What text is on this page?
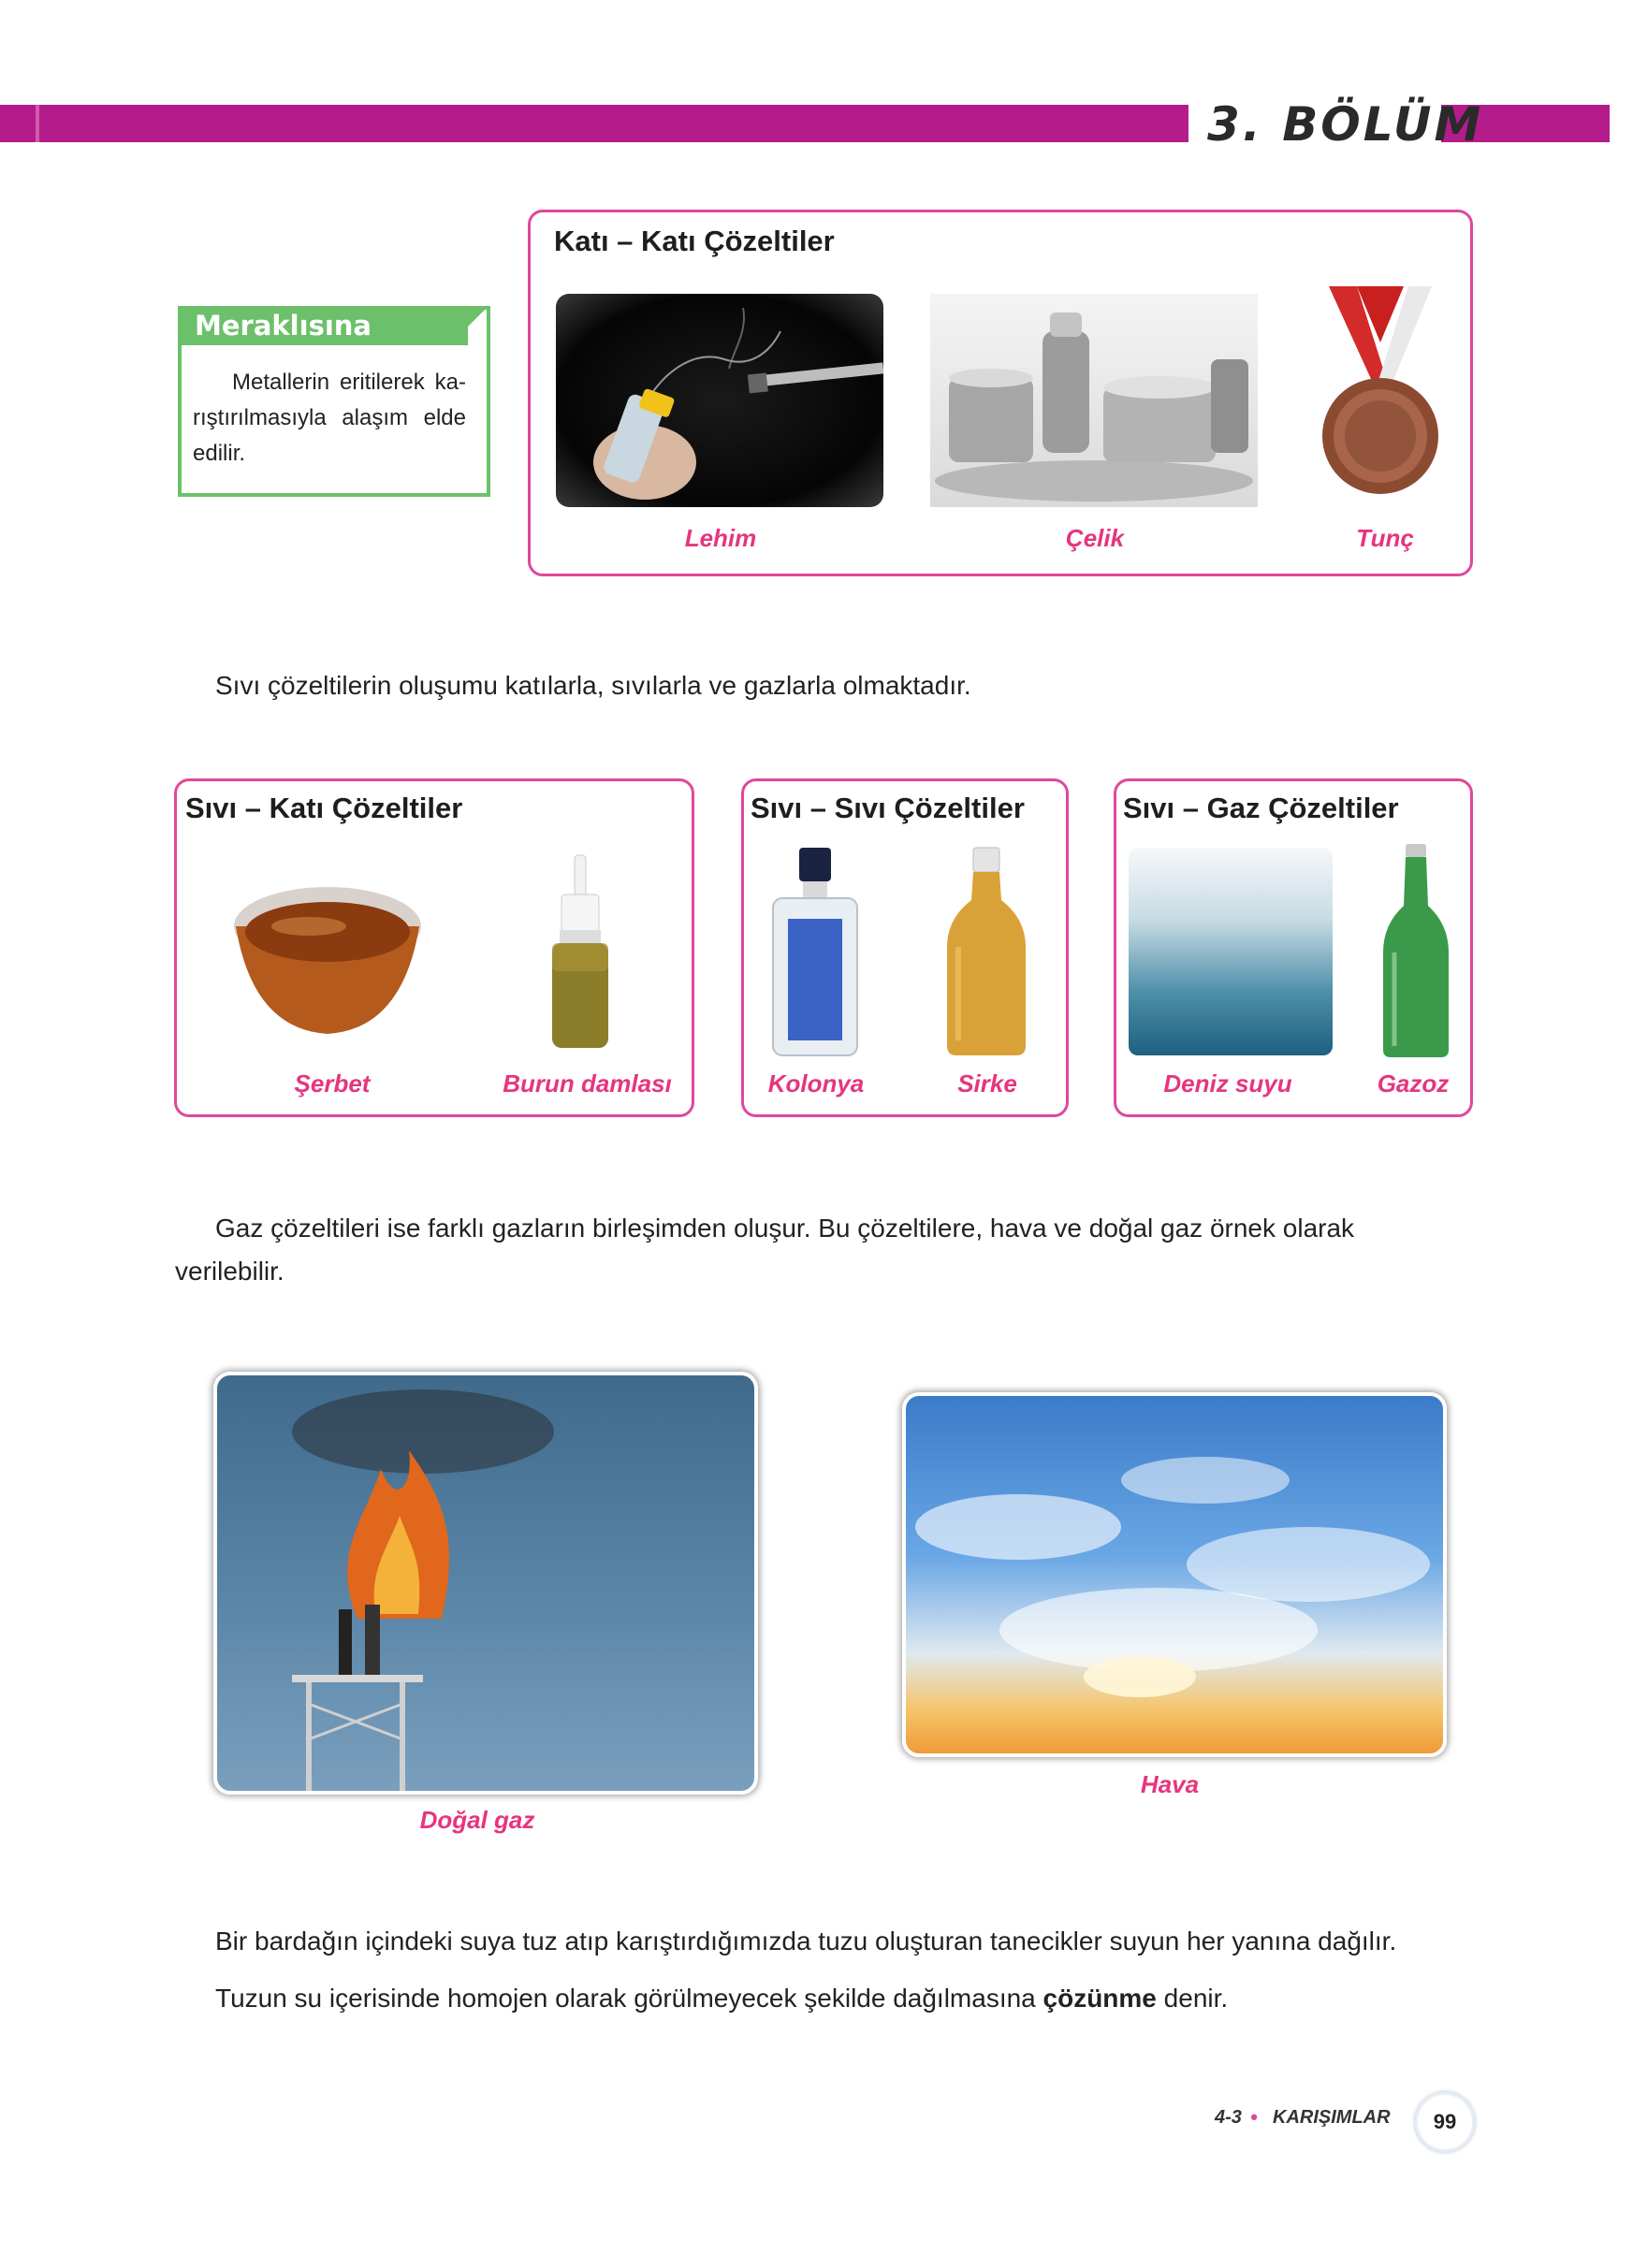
3. BÖLÜM
Meraklısına
Metallerin eritilerek ka-
rıştırılmasıyla alaşım elde
edilir.
Katı – Katı Çözeltiler
Lehim	Çelik	Tunç
Sıvı çözeltilerin oluşumu katılarla, sıvılarla ve gazlarla olmaktadır.
Sıvı – Katı Çözeltiler
Şerbet	Burun damlası
Sıvı – Sıvı Çözeltiler
Kolonya	Sirke
Sıvı – Gaz Çözeltiler
Deniz suyu	Gazoz
Gaz çözeltileri ise farklı gazların birleşimden oluşur. Bu çözeltilere, hava ve doğal gaz örnek olarak
verilebilir.
Doğal gaz
Hava
Bir bardağın içindeki suya tuz atıp karıştırdığımızda tuzu oluşturan tanecikler suyun her yanına dağılır.
Tuzun su içerisinde homojen olarak görülmeyecek şekilde dağılmasına çözünme denir.
4-3 • KARIŞIMLAR	99
